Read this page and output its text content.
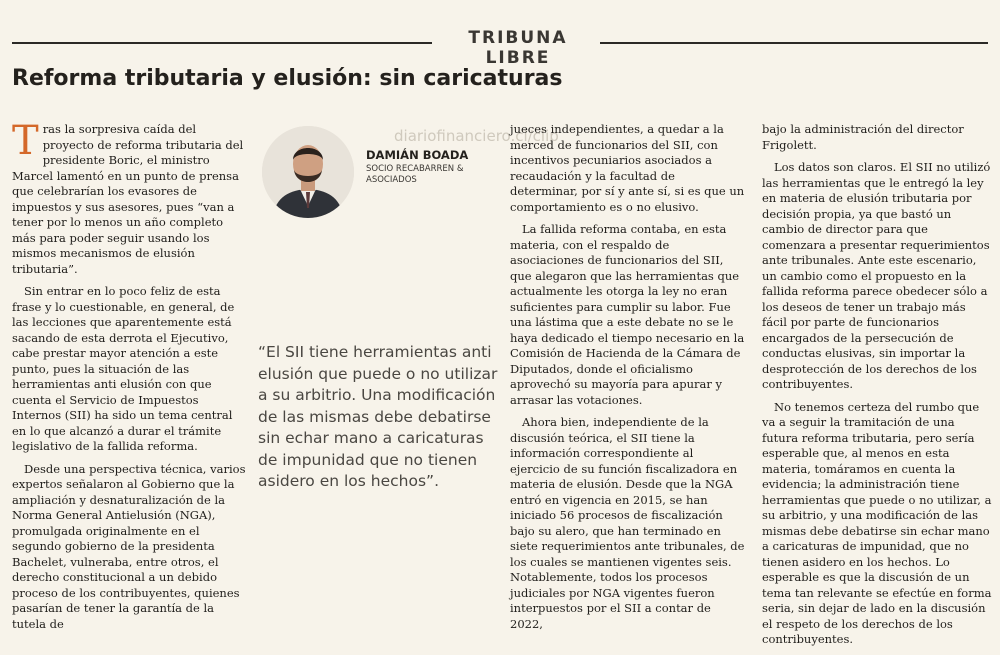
TRIBUNA LIBRE
Reforma tributaria y elusión: sin caricaturas
diariofinanciero.cl/clip

Tras la sorpresiva caída del proyecto de reforma tributaria del presidente Boric, el ministro Marcel lamentó en un punto de prensa que celebrarían los evasores de impuestos y sus asesores, pues “van a tener por lo menos un año completo más para poder seguir usando los mismos mecanismos de elusión tributaria”.

Sin entrar en lo poco feliz de esta frase y lo cuestionable, en general, de las lecciones que aparentemente está sacando de esta derrota el Ejecutivo, cabe prestar mayor atención a este punto, pues la situación de las herramientas anti elusión con que cuenta el Servicio de Impuestos Internos (SII) ha sido un tema central en lo que alcanzó a durar el trámite legislativo de la fallida reforma.

Desde una perspectiva técnica, varios expertos señalaron al Gobierno que la ampliación y desnaturalización de la Norma General Antielusión (NGA), promulgada originalmente en el segundo gobierno de la presidenta Bachelet, vulneraba, entre otros, el derecho constitucional a un debido proceso de los contribuyentes, quienes pasarían de tener la garantía de la tutela de

DAMIÁN BOADA
SOCIO RECABARREN & ASOCIADOS

“El SII tiene herramientas anti elusión que puede o no utilizar a su arbitrio. Una modificación de las mismas debe debatirse sin echar mano a caricaturas de impunidad que no tienen asidero en los hechos”.

jueces independientes, a quedar a la merced de funcionarios del SII, con incentivos pecuniarios asociados a recaudación y la facultad de determinar, por sí y ante sí, si es que un comportamiento es o no elusivo.

La fallida reforma contaba, en esta materia, con el respaldo de asociaciones de funcionarios del SII, que alegaron que las herramientas que actualmente les otorga la ley no eran suficientes para cumplir su labor. Fue una lástima que a este debate no se le haya dedicado el tiempo necesario en la Comisión de Hacienda de la Cámara de Diputados, donde el oficialismo aprovechó su mayoría para apurar y arrasar las votaciones.

Ahora bien, independiente de la discusión teórica, el SII tiene la información correspondiente al ejercicio de su función fiscalizadora en materia de elusión. Desde que la NGA entró en vigencia en 2015, se han iniciado 56 procesos de fiscalización bajo su alero, que han terminado en siete requerimientos ante tribunales, de los cuales se mantienen vigentes seis. Notablemente, todos los procesos judiciales por NGA vigentes fueron interpuestos por el SII a contar de 2022,

bajo la administración del director Frigolett.

Los datos son claros. El SII no utilizó las herramientas que le entregó la ley en materia de elusión tributaria por decisión propia, ya que bastó un cambio de director para que comenzara a presentar requerimientos ante tribunales. Ante este escenario, un cambio como el propuesto en la fallida reforma parece obedecer sólo a los deseos de tener un trabajo más fácil por parte de funcionarios encargados de la persecución de conductas elusivas, sin importar la desprotección de los derechos de los contribuyentes.

No tenemos certeza del rumbo que va a seguir la tramitación de una futura reforma tributaria, pero sería esperable que, al menos en esta materia, tomáramos en cuenta la evidencia; la administración tiene herramientas que puede o no utilizar, a su arbitrio, y una modificación de las mismas debe debatirse sin echar mano a caricaturas de impunidad, que no tienen asidero en los hechos. Lo esperable es que la discusión de un tema tan relevante se efectúe en forma seria, sin dejar de lado en la discusión el respeto de los derechos de los contribuyentes.
